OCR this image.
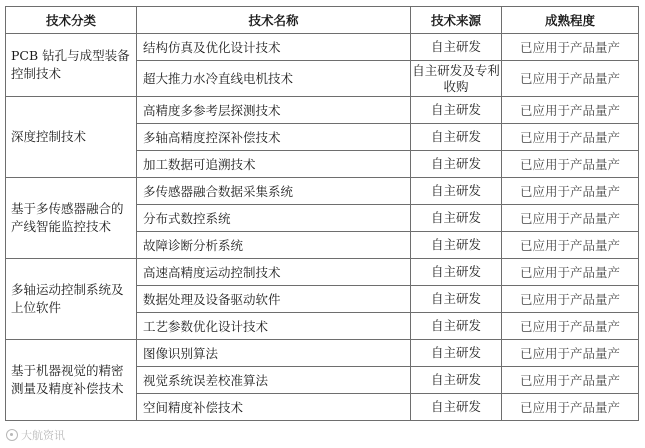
技术分类	技术名称	技术来源	成熟程度
PCB 钻孔与成型装备控制技术	结构仿真及优化设计技术	自主研发	已应用于产品量产
	超大推力水冷直线电机技术	自主研发及专利收购	已应用于产品量产
深度控制技术	高精度多参考层探测技术	自主研发	已应用于产品量产
	多轴高精度控深补偿技术	自主研发	已应用于产品量产
	加工数据可追溯技术	自主研发	已应用于产品量产
基于多传感器融合的产线智能监控技术	多传感器融合数据采集系统	自主研发	已应用于产品量产
	分布式数控系统	自主研发	已应用于产品量产
	故障诊断分析系统	自主研发	已应用于产品量产
多轴运动控制系统及上位软件	高速高精度运动控制技术	自主研发	已应用于产品量产
	数据处理及设备驱动软件	自主研发	已应用于产品量产
	工艺参数优化设计技术	自主研发	已应用于产品量产
基于机器视觉的精密测量及精度补偿技术	图像识别算法	自主研发	已应用于产品量产
	视觉系统误差校准算法	自主研发	已应用于产品量产
	空间精度补偿技术	自主研发	已应用于产品量产
大航资讯
